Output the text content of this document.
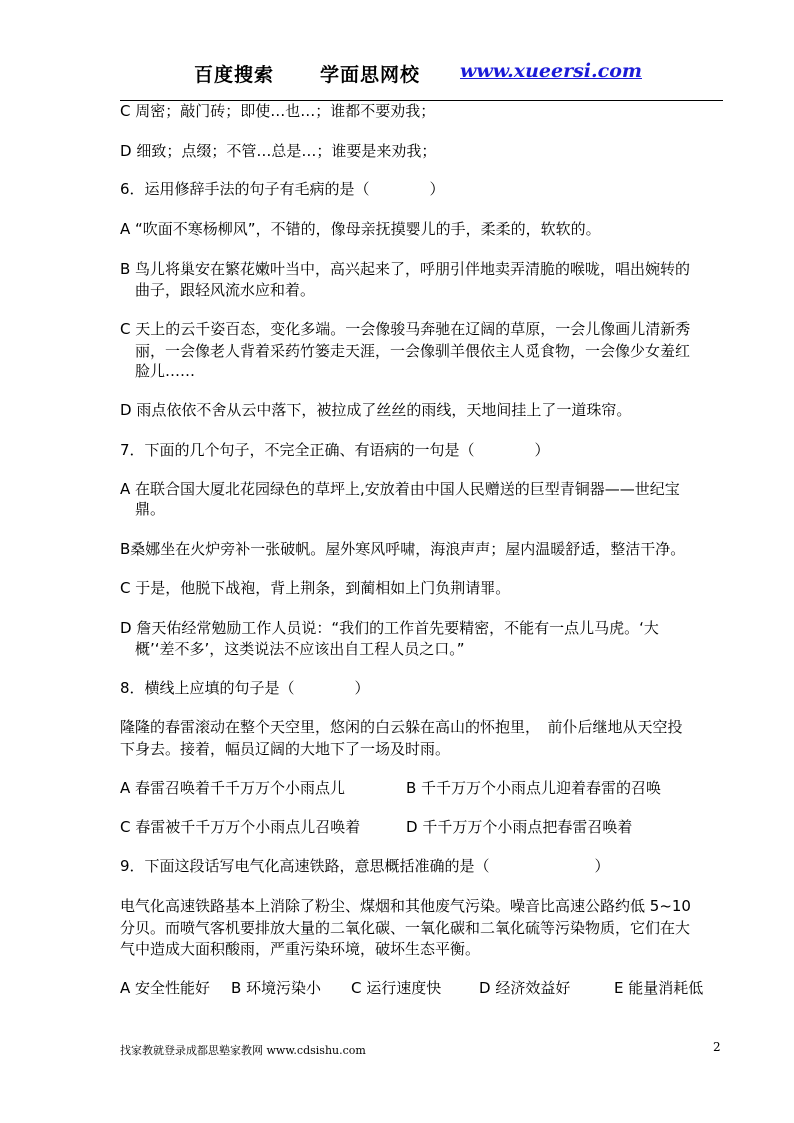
百度搜索 学面思网校 www.xueersi.com
C 周密；敲门砖；即使…也…；谁都不要劝我；
D 细致；点缀；不管…总是…；谁要是来劝我；
6．运用修辞手法的句子有毛病的是（　　　　）
A “吹面不寒杨柳风”，不错的，像母亲抚摸婴儿的手，柔柔的，软软的。
B 鸟儿将巢安在繁花嫩叶当中，高兴起来了，呼朋引伴地卖弄清脆的喉咙，唱出婉转的
曲子，跟轻风流水应和着。
C 天上的云千姿百态，变化多端。一会像骏马奔驰在辽阔的草原，一会儿像画儿清新秀
丽，一会像老人背着采药竹篓走天涯，一会像驯羊偎依主人觅食物，一会像少女羞红
脸儿……
D 雨点依依不舍从云中落下，被拉成了丝丝的雨线，天地间挂上了一道珠帘。
7．下面的几个句子，不完全正确、有语病的一句是（　　　　）
A 在联合国大厦北花园绿色的草坪上,安放着由中国人民赠送的巨型青铜器——世纪宝
鼎。
B桑娜坐在火炉旁补一张破帆。屋外寒风呼啸，海浪声声；屋内温暖舒适，整洁干净。
C 于是，他脱下战袍，背上荆条，到蔺相如上门负荆请罪。
D 詹天佑经常勉励工作人员说：“我们的工作首先要精密，不能有一点儿马虎。‘大
概’‘差不多’，这类说法不应该出自工程人员之口。”
8．横线上应填的句子是（　　　　）
隆隆的春雷滚动在整个天空里，悠闲的白云躲在高山的怀抱里，　前仆后继地从天空投
下身去。接着，幅员辽阔的大地下了一场及时雨。
A 春雷召唤着千千万万个小雨点儿	B 千千万万个小雨点儿迎着春雷的召唤
C 春雷被千千万万个小雨点儿召唤着	D 千千万万个小雨点把春雷召唤着
9．下面这段话写电气化高速铁路，意思概括准确的是（　　　　　　　）
电气化高速铁路基本上消除了粉尘、煤烟和其他废气污染。噪音比高速公路约低 5~10
分贝。而喷气客机要排放大量的二氧化碳、一氧化碳和二氧化硫等污染物质，它们在大
气中造成大面积酸雨，严重污染环境，破坏生态平衡。
A 安全性能好 B 环境污染小 C 运行速度快	D 经济效益好	E 能量消耗低
找家教就登录成都思塾家教网 www.cdsishu.com	2
